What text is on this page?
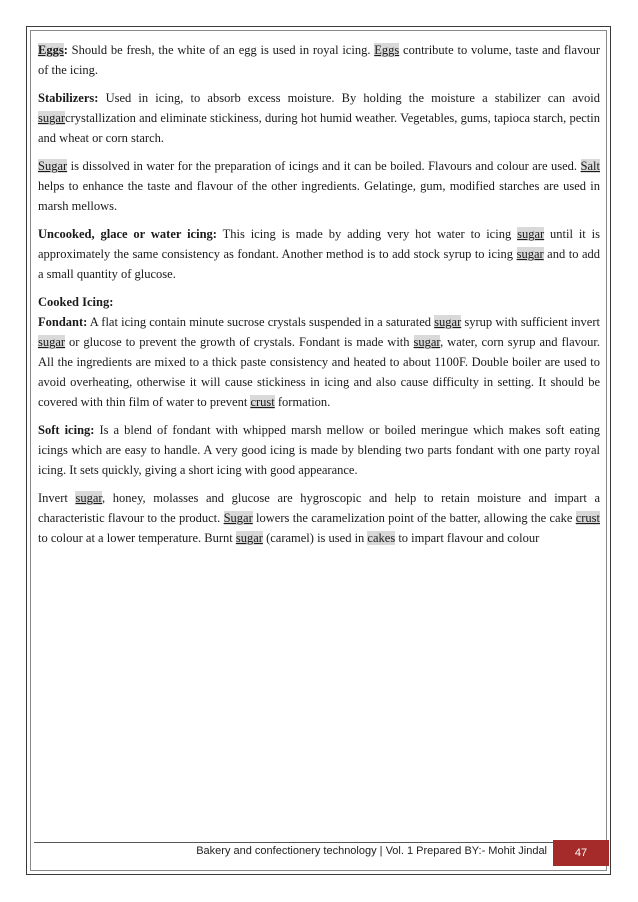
Eggs: Should be fresh, the white of an egg is used in royal icing. Eggs contribute to volume, taste and flavour of the icing.

Stabilizers: Used in icing, to absorb excess moisture. By holding the moisture a stabilizer can avoid sugarcrystallization and eliminate stickiness, during hot humid weather. Vegetables, gums, tapioca starch, pectin and wheat or corn starch.

Sugar is dissolved in water for the preparation of icings and it can be boiled. Flavours and colour are used. Salt helps to enhance the taste and flavour of the other ingredients. Gelatinge, gum, modified starches are used in marsh mellows.

Uncooked, glace or water icing: This icing is made by adding very hot water to icing sugar until it is approximately the same consistency as fondant. Another method is to add stock syrup to icing sugar and to add a small quantity of glucose.

Cooked Icing:
Fondant: A flat icing contain minute sucrose crystals suspended in a saturated sugar syrup with sufficient invert sugar or glucose to prevent the growth of crystals. Fondant is made with sugar, water, corn syrup and flavour. All the ingredients are mixed to a thick paste consistency and heated to about 1100F. Double boiler are used to avoid overheating, otherwise it will cause stickiness in icing and also cause difficulty in setting. It should be covered with thin film of water to prevent crust formation.

Soft icing: Is a blend of fondant with whipped marsh mellow or boiled meringue which makes soft eating icings which are easy to handle. A very good icing is made by blending two parts fondant with one party royal icing. It sets quickly, giving a short icing with good appearance.

Invert sugar, honey, molasses and glucose are hygroscopic and help to retain moisture and impart a characteristic flavour to the product. Sugar lowers the caramelization point of the batter, allowing the cake crust to colour at a lower temperature. Burnt sugar (caramel) is used in cakes to impart flavour and colour

Bakery and confectionery technology | Vol. 1 Prepared BY:- Mohit Jindal	47
